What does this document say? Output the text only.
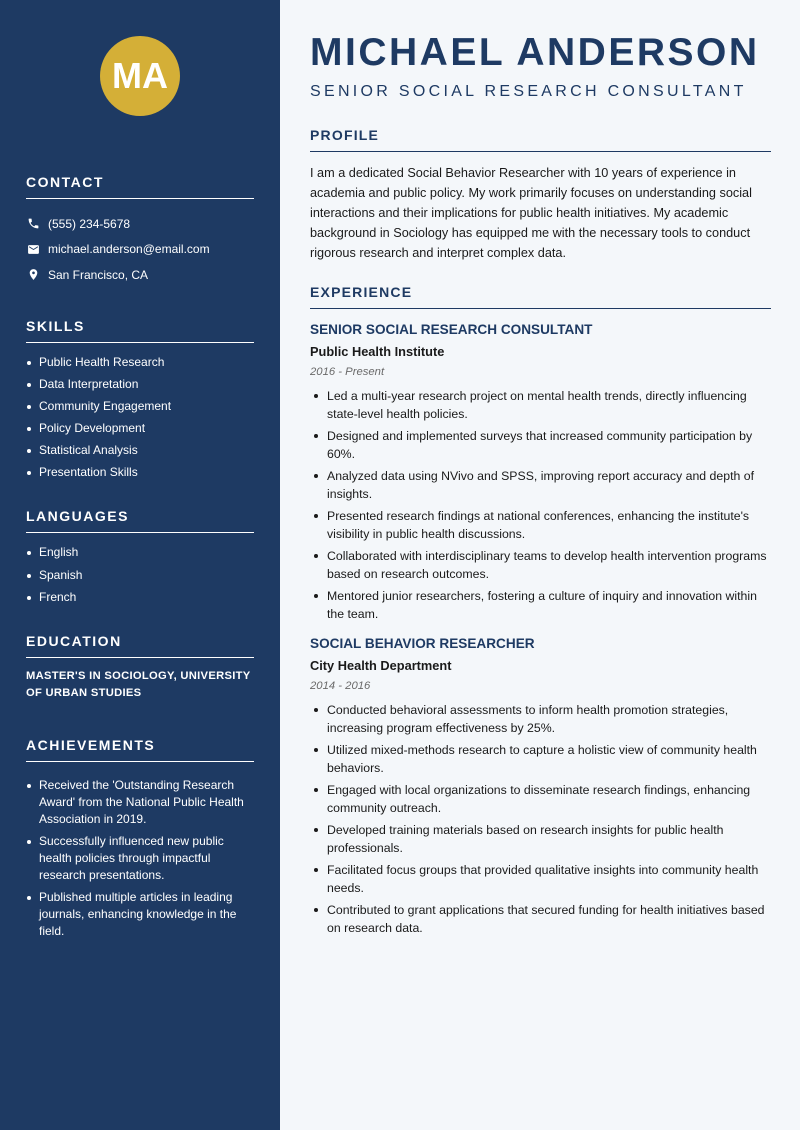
MA
CONTACT
(555) 234-5678
michael.anderson@email.com
San Francisco, CA
SKILLS
Public Health Research
Data Interpretation
Community Engagement
Policy Development
Statistical Analysis
Presentation Skills
LANGUAGES
English
Spanish
French
EDUCATION
MASTER'S IN SOCIOLOGY, UNIVERSITY OF URBAN STUDIES
ACHIEVEMENTS
Received the 'Outstanding Research Award' from the National Public Health Association in 2019.
Successfully influenced new public health policies through impactful research presentations.
Published multiple articles in leading journals, enhancing knowledge in the field.
MICHAEL ANDERSON
SENIOR SOCIAL RESEARCH CONSULTANT
PROFILE

I am a dedicated Social Behavior Researcher with 10 years of experience in academia and public policy. My work primarily focuses on understanding social interactions and their implications for public health initiatives. My academic background in Sociology has equipped me with the necessary tools to conduct rigorous research and interpret complex data.

EXPERIENCE
SENIOR SOCIAL RESEARCH CONSULTANT
Public Health Institute
2016 - Present
Led a multi-year research project on mental health trends, directly influencing state-level health policies.
Designed and implemented surveys that increased community participation by 60%.
Analyzed data using NVivo and SPSS, improving report accuracy and depth of insights.
Presented research findings at national conferences, enhancing the institute's visibility in public health discussions.
Collaborated with interdisciplinary teams to develop health intervention programs based on research outcomes.
Mentored junior researchers, fostering a culture of inquiry and innovation within the team.
SOCIAL BEHAVIOR RESEARCHER
City Health Department
2014 - 2016
Conducted behavioral assessments to inform health promotion strategies, increasing program effectiveness by 25%.
Utilized mixed-methods research to capture a holistic view of community health behaviors.
Engaged with local organizations to disseminate research findings, enhancing community outreach.
Developed training materials based on research insights for public health professionals.
Facilitated focus groups that provided qualitative insights into community health needs.
Contributed to grant applications that secured funding for health initiatives based on research data.
